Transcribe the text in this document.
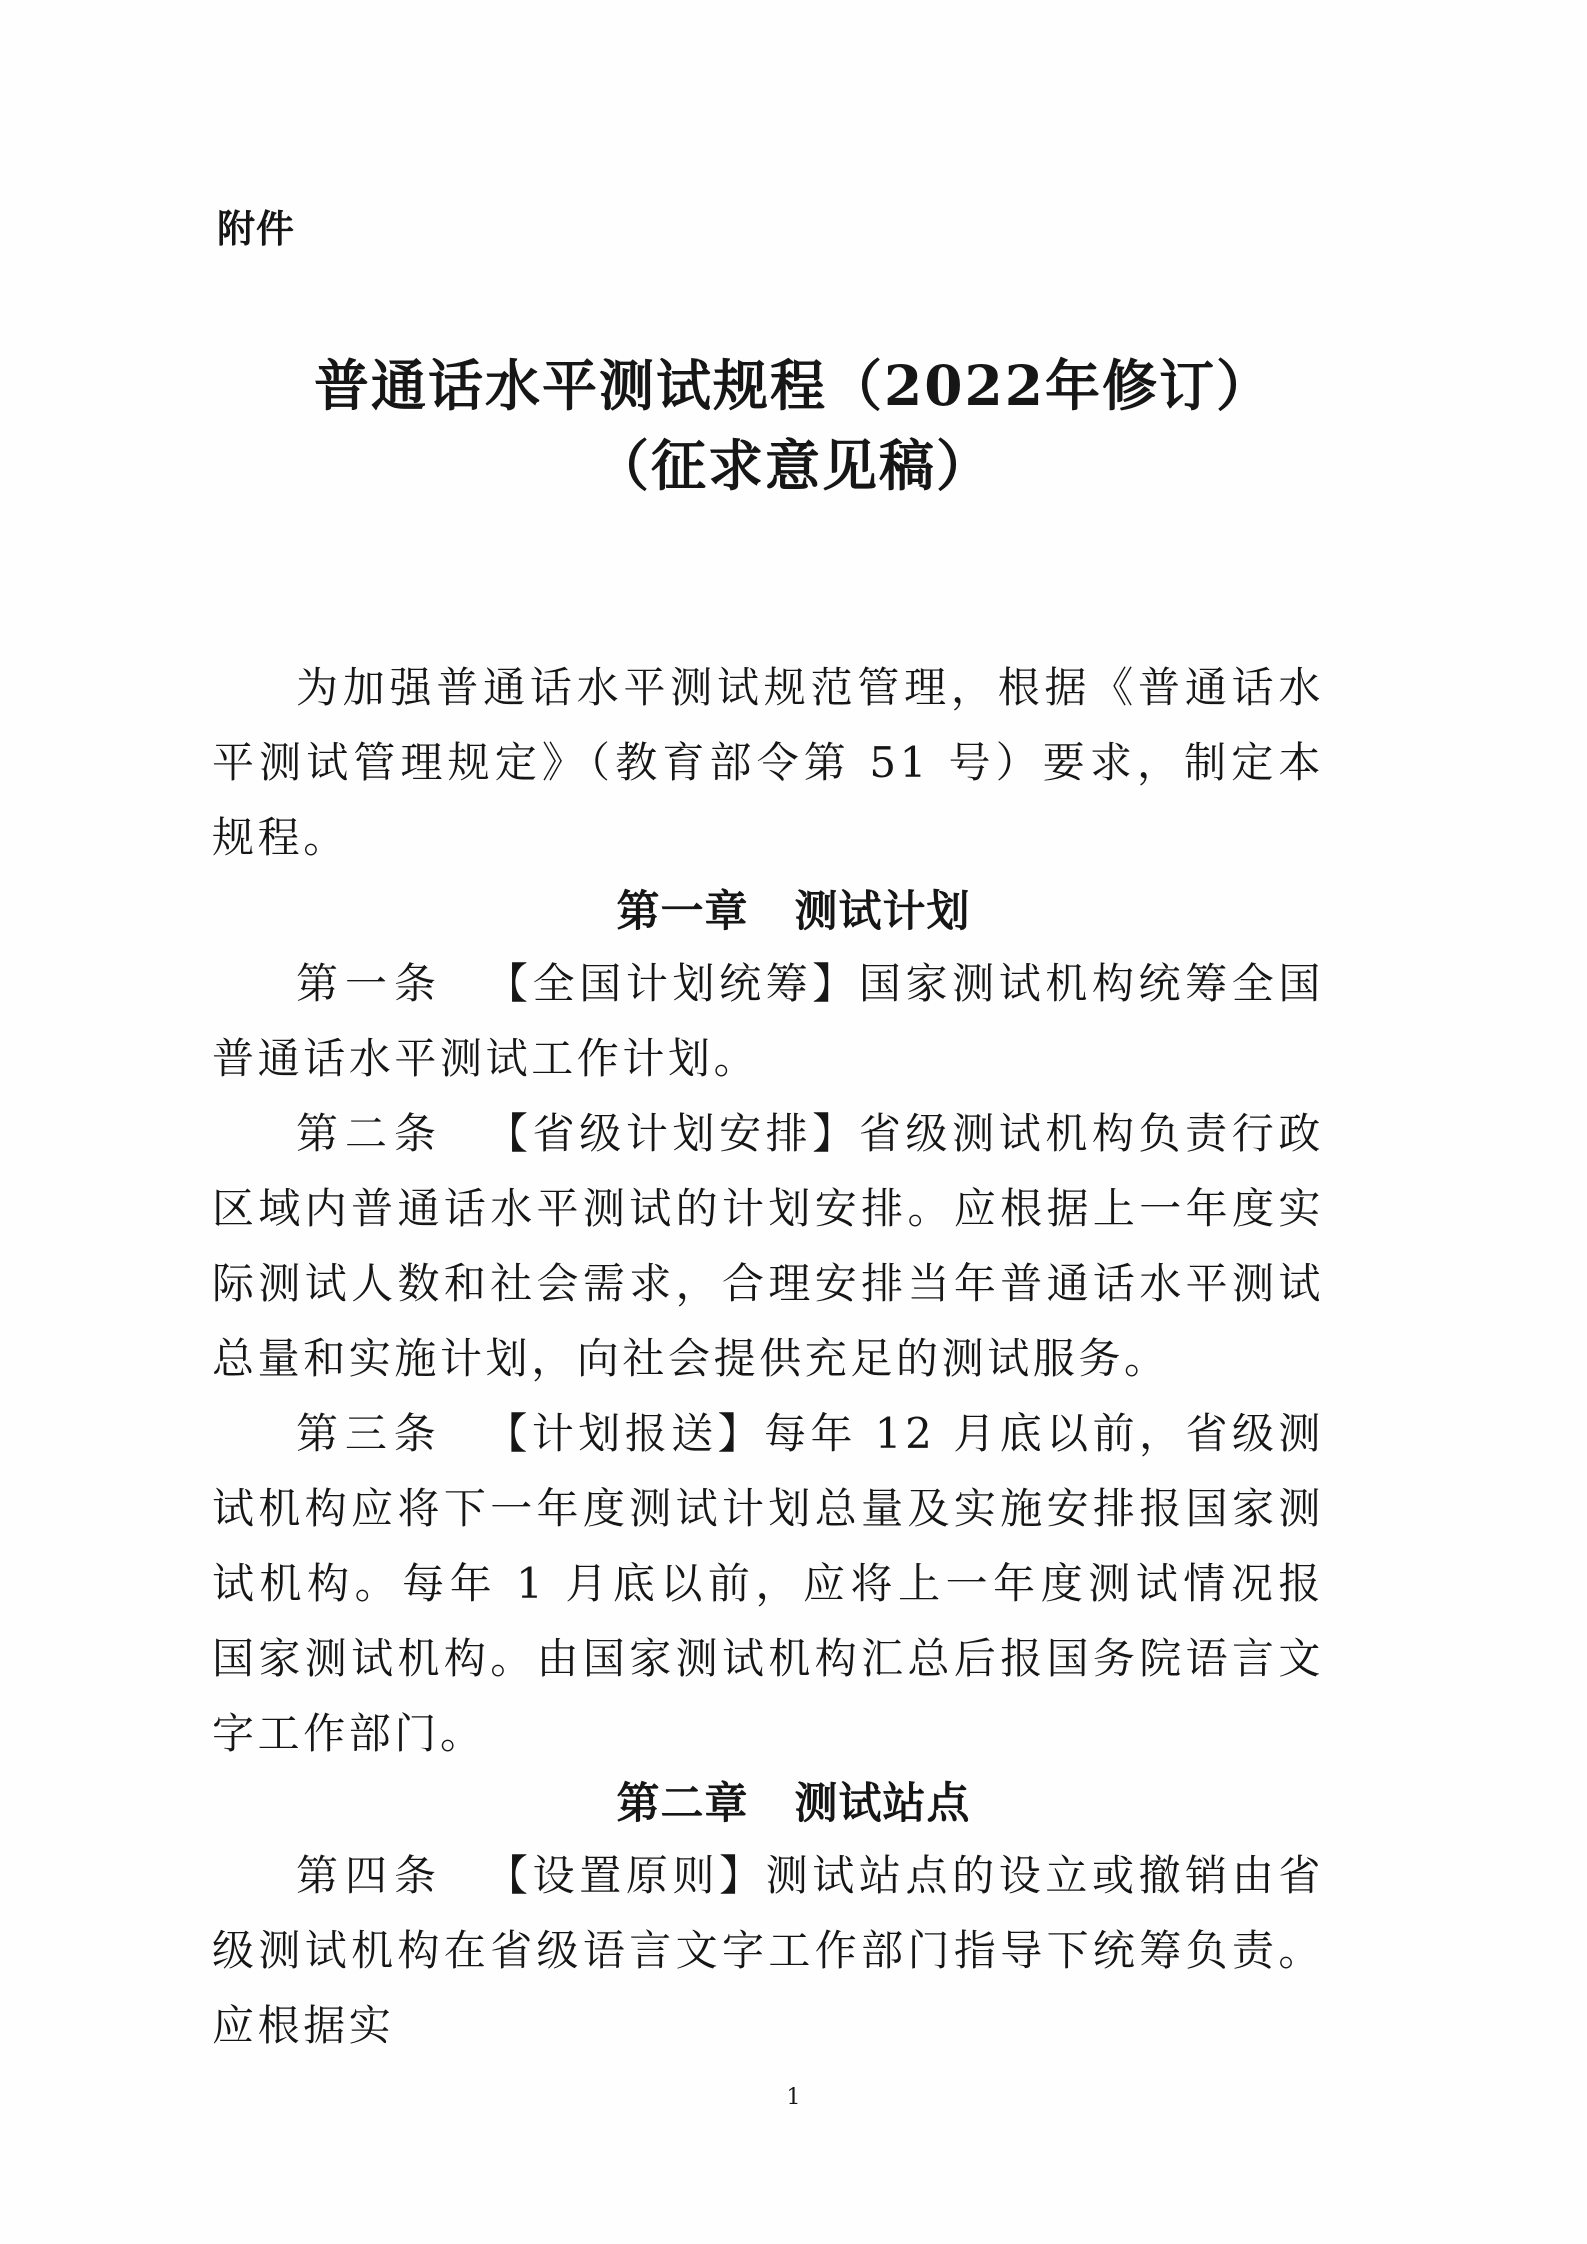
附件
普通话水平测试规程（2022年修订）
（征求意见稿）
为加强普通话水平测试规范管理，根据《普通话水平测试管理规定》（教育部令第 51 号）要求，制定本规程。
第一章 测试计划
第一条 【全国计划统筹】国家测试机构统筹全国普通话水平测试工作计划。
第二条 【省级计划安排】省级测试机构负责行政区域内普通话水平测试的计划安排。应根据上一年度实际测试人数和社会需求，合理安排当年普通话水平测试总量和实施计划，向社会提供充足的测试服务。
第三条 【计划报送】每年 12 月底以前，省级测试机构应将下一年度测试计划总量及实施安排报国家测试机构。每年 1 月底以前，应将上一年度测试情况报国家测试机构。由国家测试机构汇总后报国务院语言文字工作部门。
第二章 测试站点
第四条 【设置原则】测试站点的设立或撤销由省级测试机构在省级语言文字工作部门指导下统筹负责。应根据实
1
